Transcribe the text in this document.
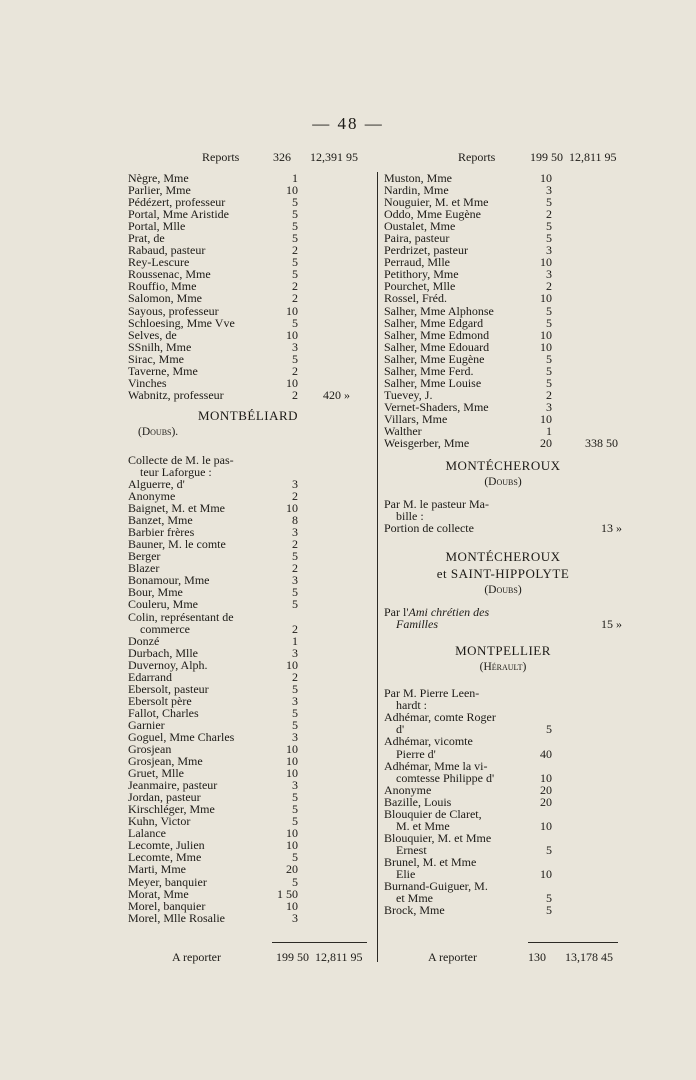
— 48 —
Reports	326 12,391 95
Nègre, Mme	1
Parlier, Mme	10
Pédézert, professeur	5
Portal, Mme Aristide	5
Portal, Mlle	5
Prat, de	5
Rabaud, pasteur	2
Rey-Lescure	5
Roussenac, Mme	5
Rouffio, Mme	2
Salomon, Mme	2
Sayous, professeur	10
Schloesing, Mme Vve	5
Selves, de	10
SSnilh, Mme	3
Sirac, Mme	5
Taverne, Mme	2
Vinches	10
Wabnitz, professeur	2 420 »
MONTBÉLIARD
(Doubs).
Collecte de M. le pas-
teur Laforgue :
Alguerre, d'	3
Anonyme	2
Baignet, M. et Mme	10
Banzet, Mme	8
Barbier frères	3
Bauner, M. le comte	2
Berger	5
Blazer	2
Bonamour, Mme	3
Bour, Mme	5
Couleru, Mme	5
Colin, représentant de
commerce	2
Donzé	1
Durbach, Mlle	3
Duvernoy, Alph.	10
Edarrand	2
Ebersolt, pasteur	5
Ebersolt père	3
Fallot, Charles	5
Garnier	5
Goguel, Mme Charles	3
Grosjean	10
Grosjean, Mme	10
Gruet, Mlle	10
Jeanmaire, pasteur	3
Jordan, pasteur	5
Kirschléger, Mme	5
Kuhn, Victor	5
Lalance	10
Lecomte, Julien	10
Lecomte, Mme	5
Marti, Mme	20
Meyer, banquier	5
Morat, Mme	1 50
Morel, banquier	10
Morel, Mlle Rosalie	3
Reports	199 50 12,811 95
Muston, Mme	10
Nardin, Mme	3
Nouguier, M. et Mme	5
Oddo, Mme Eugène	2
Oustalet, Mme	5
Paira, pasteur	5
Perdrizet, pasteur	3
Perraud, Mlle	10
Petithory, Mme	3
Pourchet, Mlle	2
Rossel, Fréd.	10
Salher, Mme Alphonse	5
Salher, Mme Edgard	5
Salher, Mme Edmond	10
Salher, Mme Edouard	10
Salher, Mme Eugène	5
Salher, Mme Ferd.	5
Salher, Mme Louise	5
Tuevey, J.	2
Vernet-Shaders, Mme	3
Villars, Mme	10
Walther	1
Weisgerber, Mme	20	338 50
MONTÉCHEROUX
(Doubs)
Par M. le pasteur Ma-
bille :
Portion de collecte	13 »
MONTÉCHEROUX
et SAINT-HIPPOLYTE
(Doubs)
Par l'Ami chrétien des
Familles	15 »
MONTPELLIER
(Hérault)
Par M. Pierre Leen-
hardt :
Adhémar, comte Roger
d'	5
Adhémar, vicomte
Pierre d'	40
Adhémar, Mme la vi-
comtesse Philippe d'	10
Anonyme	20
Bazille, Louis	20
Blouquier de Claret,
M. et Mme	10
Blouquier, M. et Mme
Ernest	5
Brunel, M. et Mme
Elie	10
Burnand-Guiguer, M.
et Mme	5
Brock, Mme	5
A reporter	199 50 12,811 95	A reporter	130 13,178 45
